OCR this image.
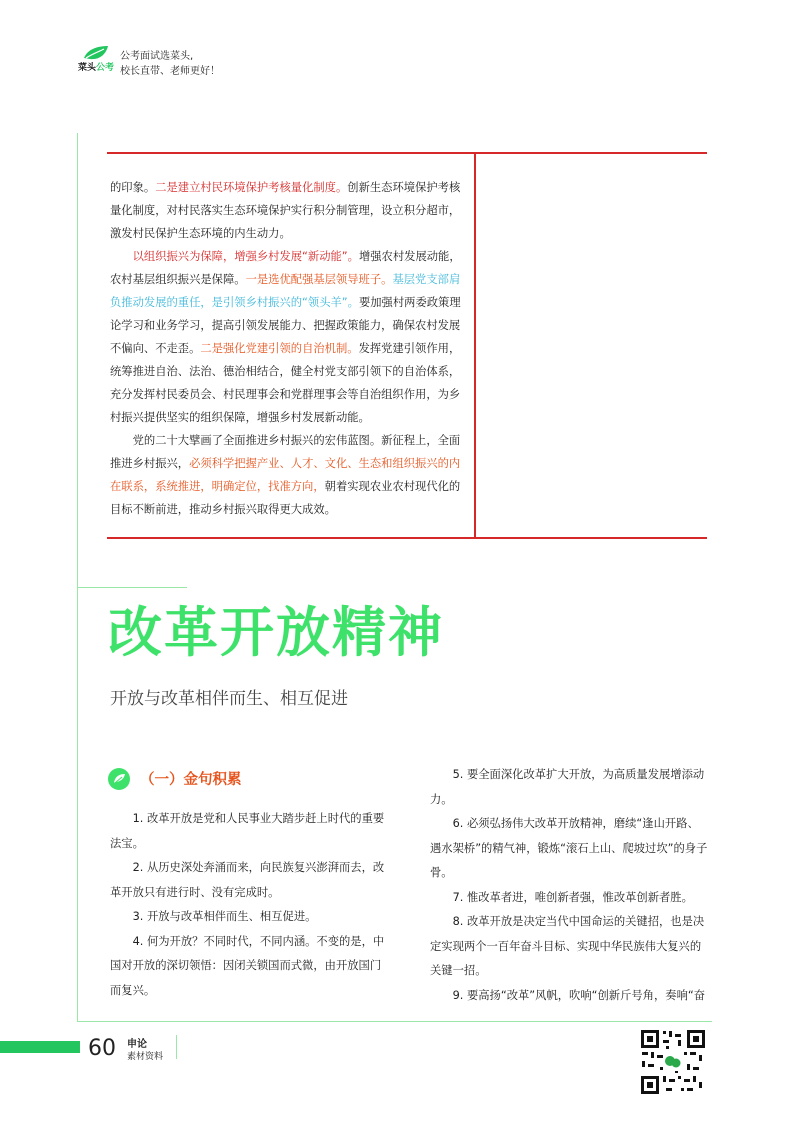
菜头公考
公考面试选菜头,
校长直带、老师更好！

的印象。二是建立村民环境保护考核量化制度。创新生态环境保护考核量化制度，对村民落实生态环境保护实行积分制管理，设立积分超市，激发村民保护生态环境的内生动力。

以组织振兴为保障，增强乡村发展“新动能”。增强农村发展动能，农村基层组织振兴是保障。一是选优配强基层领导班子。基层党支部肩负推动发展的重任，是引领乡村振兴的“领头羊”。要加强村两委政策理论学习和业务学习，提高引领发展能力、把握政策能力，确保农村发展不偏向、不走歪。二是强化党建引领的自治机制。发挥党建引领作用，统筹推进自治、法治、德治相结合，健全村党支部引领下的自治体系，充分发挥村民委员会、村民理事会和党群理事会等自治组织作用，为乡村振兴提供坚实的组织保障，增强乡村发展新动能。

党的二十大擘画了全面推进乡村振兴的宏伟蓝图。新征程上，全面推进乡村振兴，必须科学把握产业、人才、文化、生态和组织振兴的内在联系，系统推进，明确定位，找准方向，朝着实现农业农村现代化的目标不断前进，推动乡村振兴取得更大成效。

改革开放精神
开放与改革相伴而生、相互促进
（一）金句积累

1. 改革开放是党和人民事业大踏步赶上时代的重要法宝。

2. 从历史深处奔涌而来，向民族复兴澎湃而去，改革开放只有进行时、没有完成时。

3. 开放与改革相伴而生、相互促进。

4. 何为开放？不同时代，不同内涵。不变的是，中国对开放的深切领悟：因闭关锁国而式微，由开放国门而复兴。

5. 要全面深化改革扩大开放，为高质量发展增添动力。

6. 必须弘扬伟大改革开放精神，磨续“逢山开路、遇水架桥”的精气神，锻炼“滚石上山、爬坡过坎”的身子骨。

7. 惟改革者进，唯创新者强，惟改革创新者胜。

8. 改革开放是决定当代中国命运的关键招，也是决定实现两个一百年奋斗目标、实现中华民族伟大复兴的关键一招。

9. 要高扬“改革”风帆，吹响“创新斤号角，奏响“奋

60 申论
素材资料
